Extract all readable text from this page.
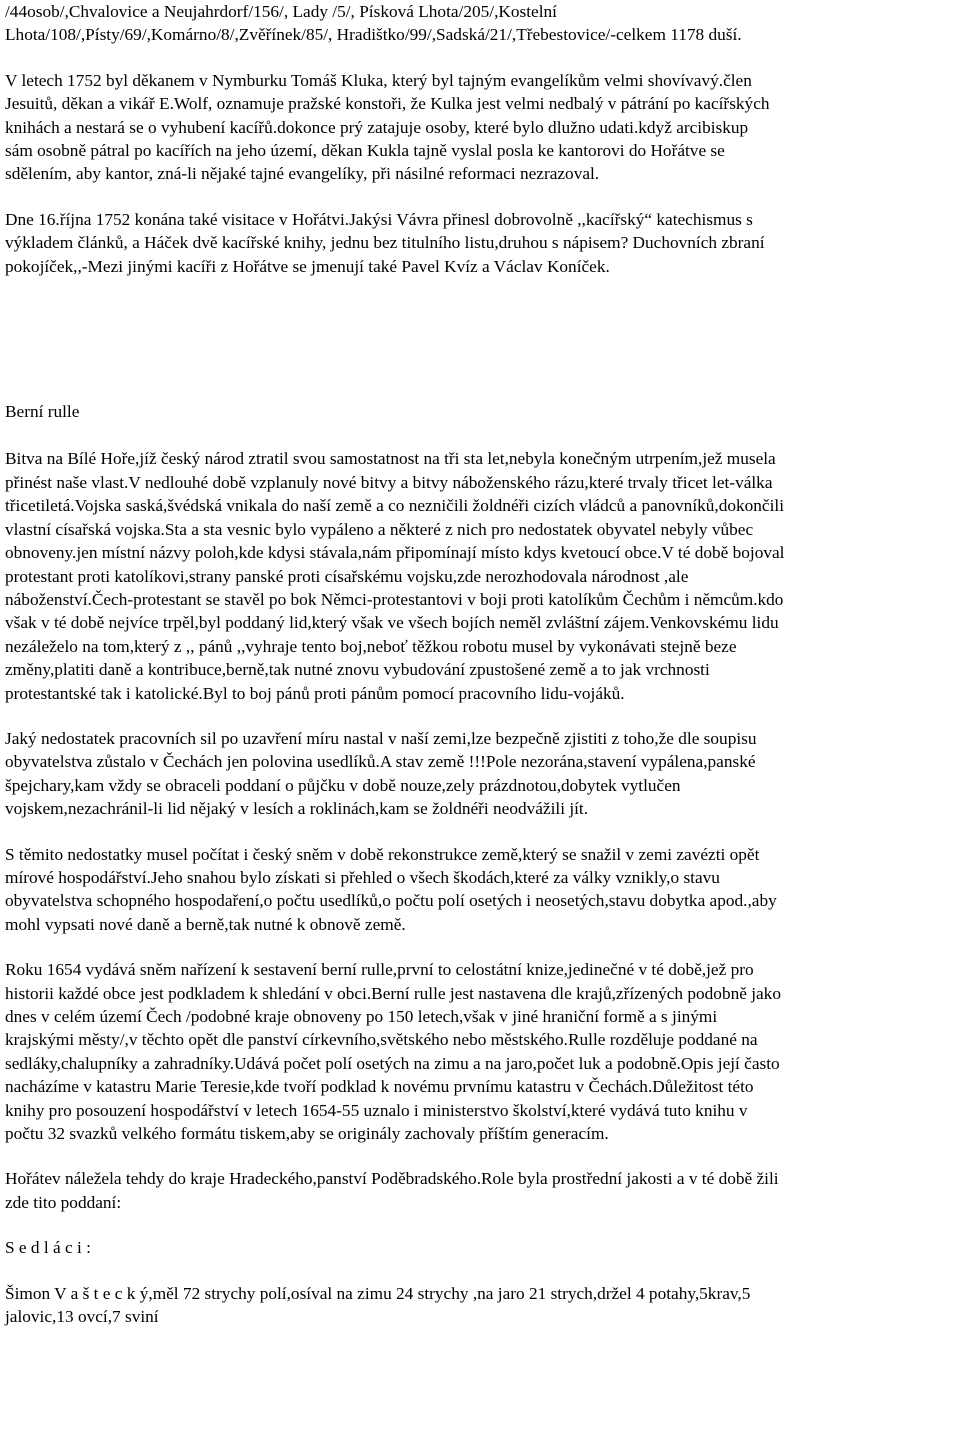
/44osob/,Chvalovice a Neujahrdorf/156/, Lady /5/, Písková Lhota/205/,Kostelní
Lhota/108/,Písty/69/,Komárno/8/,Zvěřínek/85/, Hradištko/99/,Sadská/21/,Třebestovice/-celkem 1178 duší.
V letech 1752 byl děkanem v Nymburku Tomáš Kluka, který byl tajným evangelíkům velmi shovívavý.člen
Jesuitů, děkan a vikář E.Wolf, oznamuje pražské konstoři, že Kulka jest velmi nedbalý v pátrání po kacířských
knihách a nestará se o vyhubení kacířů.dokonce prý zatajuje osoby, které bylo dlužno udati.když arcibiskup
sám osobně pátral po kacířích na jeho území, děkan Kukla tajně vyslal posla ke kantorovi do Hořátve se
sdělením, aby kantor, zná-li nějaké tajné evangelíky, při násilné reformaci nezrazoval.
Dne 16.října 1752 konána také visitace v Hořátvi.Jakýsi Vávra přinesl dobrovolně ,,kacířský“ katechismus s
výkladem článků, a Háček dvě kacířské knihy, jednu bez titulního listu,druhou s nápisem? Duchovních zbraní
pokojíček,,-Mezi jinými kacíři z Hořátve se jmenují také Pavel Kvíz a Václav Koníček.
Berní rulle
Bitva na Bílé Hoře,jíž český národ ztratil svou samostatnost na tři sta let,nebyla konečným utrpením,jež musela
přinést naše vlast.V nedlouhé době vzplanuly nové bitvy a bitvy náboženského rázu,které trvaly třicet let-válka
třicetiletá.Vojska saská,švédská vnikala do naší země a co nezničili žoldnéři cizích vládců a panovníků,dokončili
vlastní císařská vojska.Sta a sta vesnic bylo vypáleno a některé z nich pro nedostatek obyvatel nebyly vůbec
obnoveny.jen místní názvy poloh,kde kdysi stávala,nám připomínají místo kdys kvetoucí obce.V té době bojoval
protestant proti katolíkovi,strany panské proti císařskému vojsku,zde nerozhodovala národnost ,ale
náboženství.Čech-protestant se stavěl po bok Němci-protestantovi v boji proti katolíkům Čechům i němcům.kdo
však v té době nejvíce trpěl,byl poddaný lid,který však ve všech bojích neměl zvláštní zájem.Venkovskému lidu
nezáleželo na tom,který z ,, pánů ,,vyhraje tento boj,neboť těžkou robotu musel by vykonávati stejně beze
změny,platiti daně a kontribuce,berně,tak nutné znovu vybudování zpustošené země a to jak vrchnosti
protestantské tak i katolické.Byl to boj pánů proti pánům pomocí pracovního lidu-vojáků.
Jaký nedostatek pracovních sil po uzavření míru nastal v naší zemi,lze bezpečně zjistiti z toho,že dle soupisu
obyvatelstva zůstalo v Čechách jen polovina usedlíků.A stav země !!!Pole nezorána,stavení vypálena,panské
špejchary,kam vždy se obraceli poddaní o půjčku v době nouze,zely prázdnotou,dobytek vytlučen
vojskem,nezachránil-li lid nějaký v lesích a roklinách,kam se žoldnéři neodvážili jít.
S těmito nedostatky musel počítat i český sněm v době rekonstrukce země,který se snažil v zemi zavézti opět
mírové hospodářství.Jeho snahou bylo získati si přehled o všech škodách,které za války vznikly,o stavu
obyvatelstva schopného hospodaření,o počtu usedlíků,o počtu polí osetých i neosetých,stavu dobytka apod.,aby
mohl vypsati nové daně a berně,tak nutné k obnově země.
Roku 1654 vydává sněm nařízení k sestavení berní rulle,první to celostátní knize,jedinečné v té době,jež pro
historii každé obce jest podkladem k shledání v obci.Berní rulle jest nastavena dle krajů,zřízených podobně jako
dnes v celém území Čech /podobné kraje obnoveny po 150 letech,však v jiné hraniční formě a s jinými
krajskými městy/,v těchto opět dle panství církevního,světského nebo městského.Rulle rozděluje poddané na
sedláky,chalupníky a zahradníky.Udává počet polí osetých na zimu a na jaro,počet luk a podobně.Opis její často
nacházíme v katastru Marie Teresie,kde tvoří podklad k novému prvnímu katastru v Čechách.Důležitost této
knihy pro posouzení hospodářství v letech 1654-55 uznalo i ministerstvo školství,které vydává tuto knihu v
počtu 32 svazků velkého formátu tiskem,aby se originály zachovaly příštím generacím.
Hořátev náležela tehdy do kraje Hradeckého,panství Poděbradského.Role byla prostřední jakosti a v té době žili
zde tito poddaní:
S e d l á c i :
Šimon V a š t e c k ý,měl 72 strychy polí,osíval na zimu 24 strychy ,na jaro 21 strych,držel 4 potahy,5krav,5
jalovic,13 ovcí,7 sviní
